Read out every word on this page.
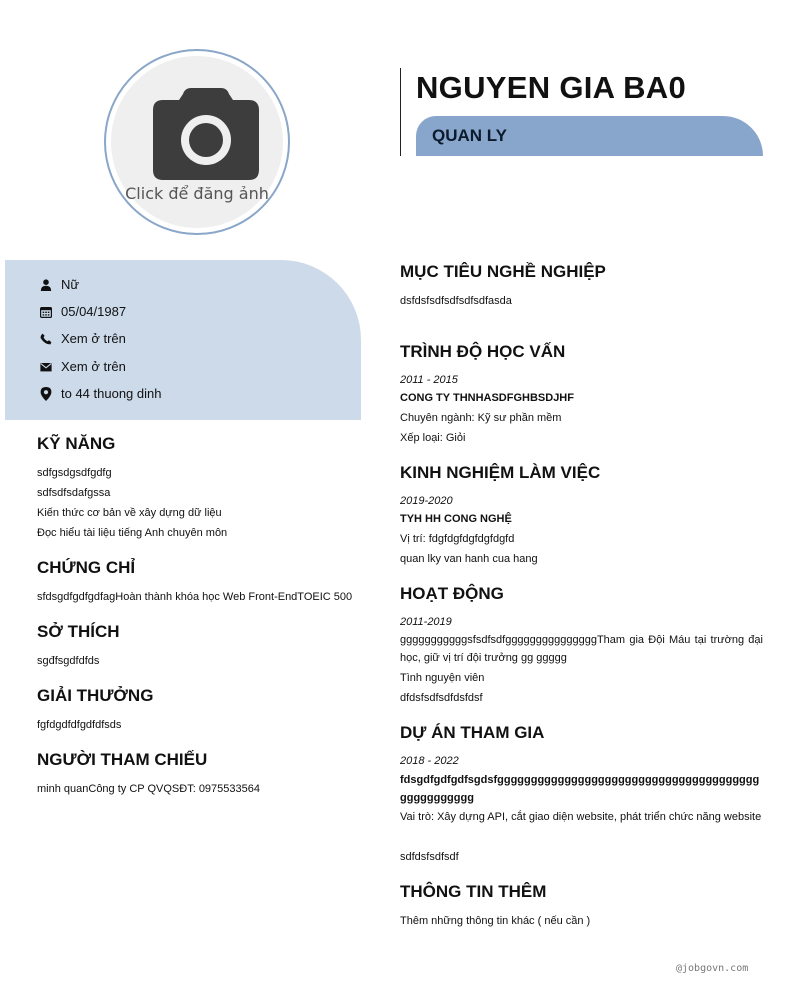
Click để đăng ảnh
NGUYEN GIA BA0
QUAN LY
Nữ
05/04/1987
Xem ở trên
Xem ở trên
to 44 thuong dinh
KỸ NĂNG
sdfgsdgsdfgdfg
sdfsdfsdafgssa
Kiến thức cơ bản về xây dựng dữ liệu
Đọc hiểu tài liệu tiếng Anh chuyên môn
CHỨNG CHỈ
sfdsgdfgdfgdfagHoàn thành khóa học Web Front-EndTOEIC 500
SỞ THÍCH
sgđfsgdfdfds
GIẢI THƯỞNG
fgfdgdfdfgdfdfsds
NGƯỜI THAM CHIẾU
minh quanCông ty CP QVQSĐT: 0975533564
MỤC TIÊU NGHỀ NGHIỆP
dsfdsfsdfsdfsdfsdfasda
TRÌNH ĐỘ HỌC VẤN
2011 - 2015
CONG TY THNHASDFGHBSDJHF
Chuyên ngành: Kỹ sư phần mềm
Xếp loại: Giỏi
KINH NGHIỆM LÀM VIỆC
2019-2020
TYH HH CONG NGHỆ
Vị trí: fdgfdgfdgfdgfdgfd
quan lky van hanh cua hang
HOẠT ĐỘNG
2011-2019
gggggggggggsfsdfsdfgggggggggggggggTham gia Đội Máu tại trường đại học, giữ vị trí đội trưởng gg ggggg
Tình nguyện viên
dfdsfsdfsdfdsfdsf
DỰ ÁN THAM GIA
2018 - 2022
fdsgdfgdfgdfsgdsfgggggggggggggggggggggggggggggggggggggggggggggggggg
Vai trò: Xây dựng API, cắt giao diện website, phát triển chức năng website
sdfdsfsdfsdf
THÔNG TIN THÊM
Thêm những thông tin khác ( nếu cần )
@jobgovn.com
